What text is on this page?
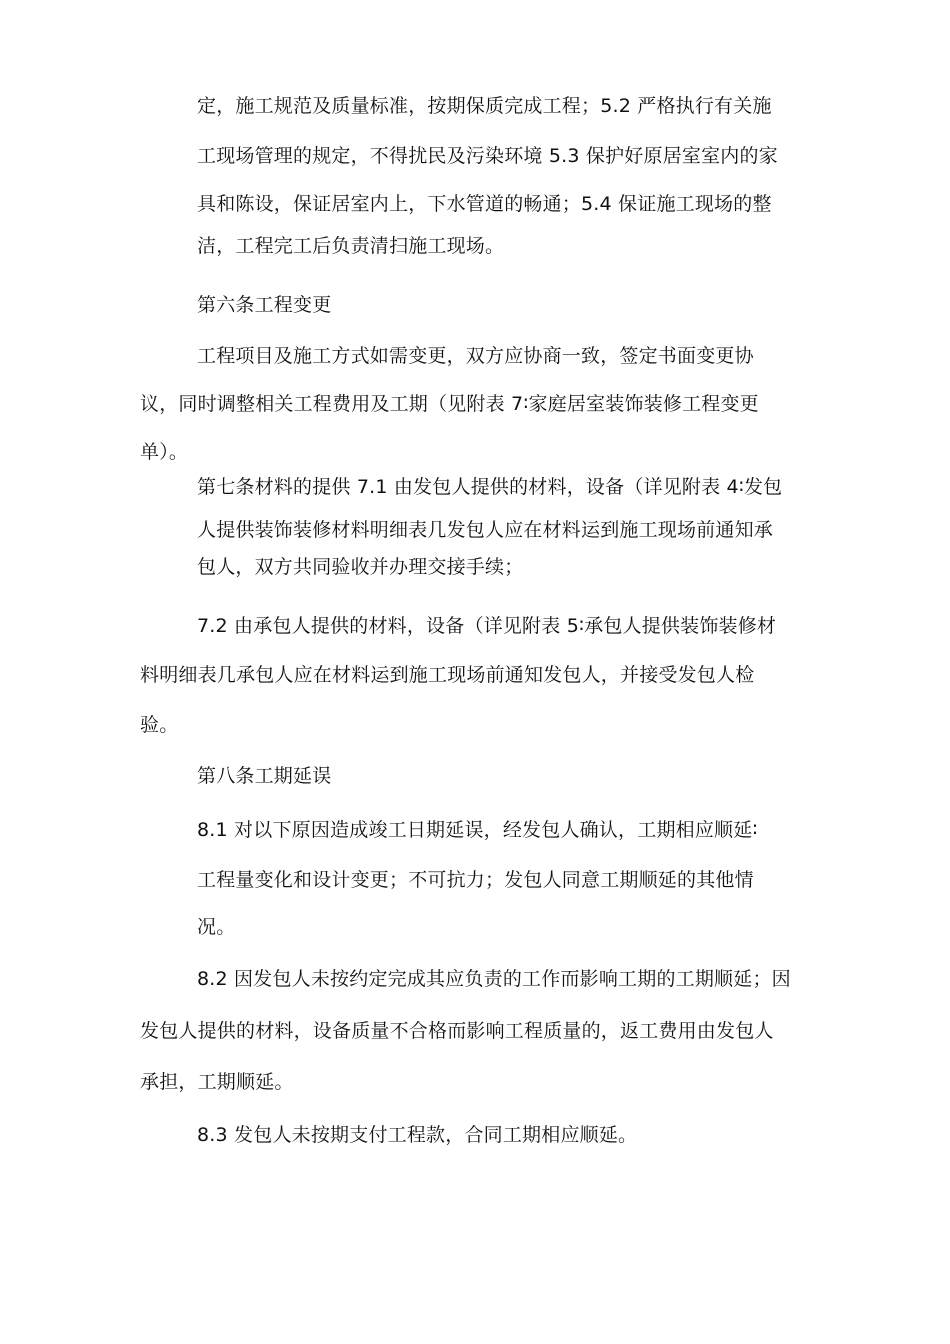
定，施工规范及质量标准，按期保质完成工程；5.2 严格执行有关施

工现场管理的规定，不得扰民及污染环境 5.3 保护好原居室室内的家

具和陈设，保证居室内上，下水管道的畅通；5.4 保证施工现场的整

洁，工程完工后负责清扫施工现场。

第六条工程变更

工程项目及施工方式如需变更，双方应协商一致，签定书面变更协

议，同时调整相关工程费用及工期（见附表 7∶家庭居室装饰装修工程变更

单）。

第七条材料的提供 7.1 由发包人提供的材料，设备（详见附表 4∶发包

人提供装饰装修材料明细表几发包人应在材料运到施工现场前通知承

包人，双方共同验收并办理交接手续；

7.2 由承包人提供的材料，设备（详见附表 5∶承包人提供装饰装修材

料明细表几承包人应在材料运到施工现场前通知发包人，并接受发包人检

验。

第八条工期延误

8.1 对以下原因造成竣工日期延误，经发包人确认，工期相应顺延∶

工程量变化和设计变更；不可抗力；发包人同意工期顺延的其他情

况。

8.2 因发包人未按约定完成其应负责的工作而影响工期的工期顺延；因

发包人提供的材料，设备质量不合格而影响工程质量的，返工费用由发包人

承担，工期顺延。

8.3 发包人未按期支付工程款，合同工期相应顺延。
